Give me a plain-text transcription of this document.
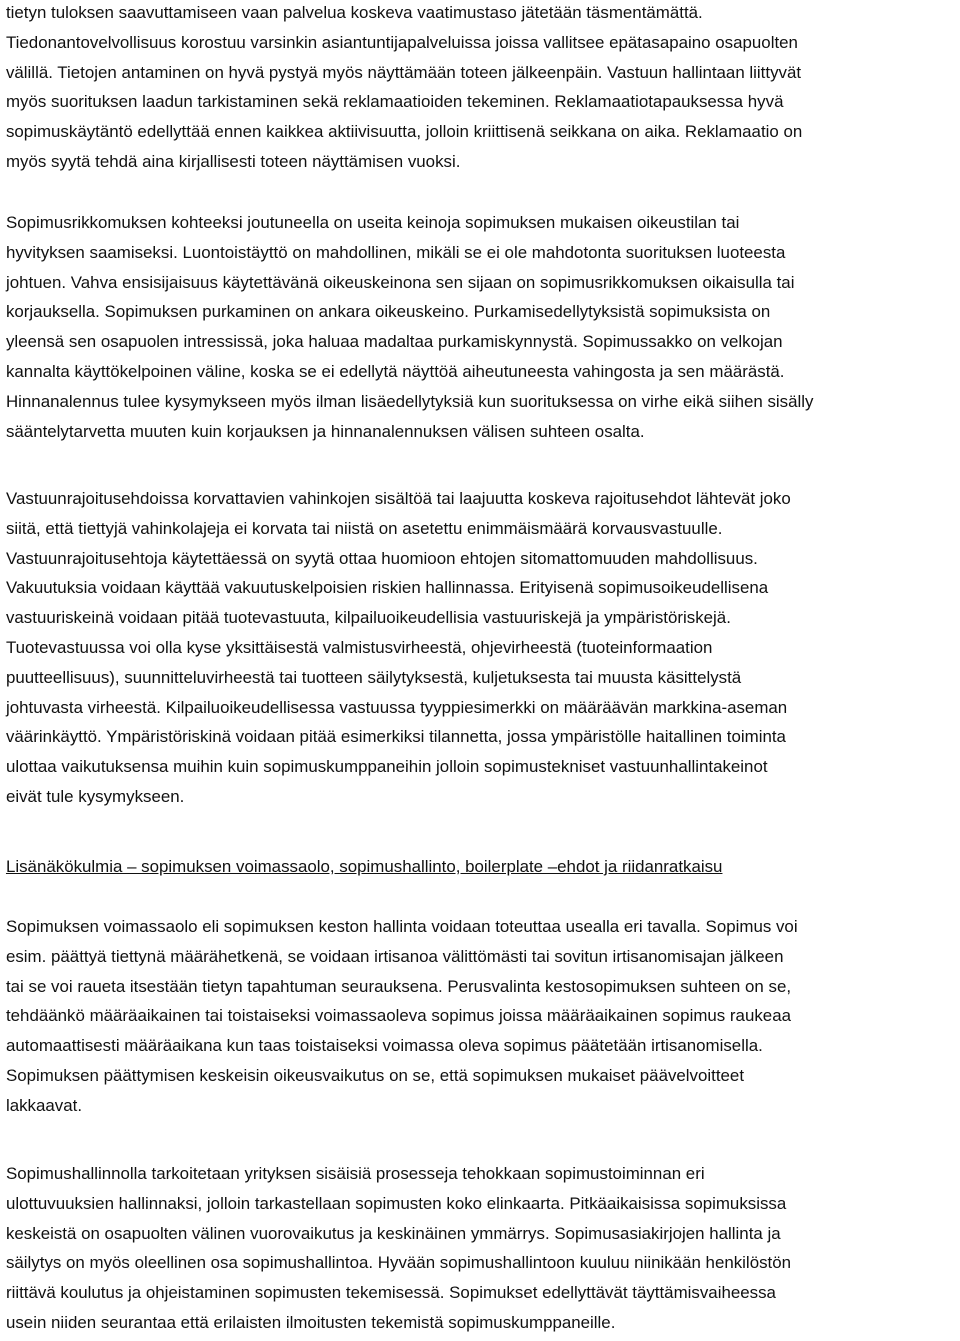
tietyn tuloksen saavuttamiseen vaan palvelua koskeva vaatimustaso jätetään täsmentämättä.
Tiedonantovelvollisuus korostuu varsinkin asiantuntijapalveluissa joissa vallitsee epätasapaino osapuolten
välillä. Tietojen antaminen on hyvä pystyä myös näyttämään toteen jälkeenpäin. Vastuun hallintaan liittyvät
myös suorituksen laadun tarkistaminen sekä reklamaatioiden tekeminen. Reklamaatiotapauksessa hyvä
sopimuskäytäntö edellyttää ennen kaikkea aktiivisuutta, jolloin kriittisenä seikkana on aika. Reklamaatio on
myös syytä tehdä aina kirjallisesti toteen näyttämisen vuoksi.
Sopimusrikkomuksen kohteeksi joutuneella on useita keinoja sopimuksen mukaisen oikeustilan tai
hyvityksen saamiseksi. Luontoistäyttö on mahdollinen, mikäli se ei ole mahdotonta suorituksen luoteesta
johtuen. Vahva ensisijaisuus käytettävänä oikeuskeinona sen sijaan on sopimusrikkomuksen oikaisulla tai
korjauksella. Sopimuksen purkaminen on ankara oikeuskeino. Purkamisedellytyksistä sopimuksista on
yleensä sen osapuolen intressissä, joka haluaa madaltaa purkamiskynnystä. Sopimussakko on velkojan
kannalta käyttökelpoinen väline, koska se ei edellytä näyttöä aiheutuneesta vahingosta ja sen määrästä.
Hinnanalennus tulee kysymykseen myös ilman lisäedellytyksiä kun suorituksessa on virhe eikä siihen sisälly
sääntelytarvetta muuten kuin korjauksen ja hinnanalennuksen välisen suhteen osalta.
Vastuunrajoitusehdoissa korvattavien vahinkojen sisältöä tai laajuutta koskeva rajoitusehdot lähtevät joko
siitä, että tiettyjä vahinkolajeja ei korvata tai niistä on asetettu enimmäismäärä korvausvastuulle.
Vastuunrajoitusehtoja käytettäessä on syytä ottaa huomioon ehtojen sitomattomuuden mahdollisuus.
Vakuutuksia voidaan käyttää vakuutuskelpoisien riskien hallinnassa. Erityisenä sopimusoikeudellisena
vastuuriskeinä voidaan pitää tuotevastuuta, kilpailuoikeudellisia vastuuriskejä ja ympäristöriskejä.
Tuotevastuussa voi olla kyse yksittäisestä valmistusvirheestä, ohjevirheestä (tuoteinformaation
puutteellisuus), suunnitteluvirheestä tai tuotteen säilytyksestä, kuljetuksesta tai muusta käsittelystä
johtuvasta virheestä. Kilpailuoikeudellisessa vastuussa tyyppiesimerkki on määräävän markkina-aseman
väärinkäyttö. Ympäristöriskinä voidaan pitää esimerkiksi tilannetta, jossa ympäristölle haitallinen toiminta
ulottaa vaikutuksensa muihin kuin sopimuskumppaneihin jolloin sopimustekniset vastuunhallintakeinot
eivät tule kysymykseen.
Lisänäkökulmia – sopimuksen voimassaolo, sopimushallinto, boilerplate –ehdot ja riidanratkaisu
Sopimuksen voimassaolo eli sopimuksen keston hallinta voidaan toteuttaa usealla eri tavalla. Sopimus voi
esim. päättyä tiettynä määrähetkenä, se voidaan irtisanoa välittömästi tai sovitun irtisanomisajan jälkeen
tai se voi raueta itsestään tietyn tapahtuman seurauksena. Perusvalinta kestosopimuksen suhteen on se,
tehdäänkö määräaikainen tai toistaiseksi voimassaoleva sopimus joissa määräaikainen sopimus raukeaa
automaattisesti määräaikana kun taas toistaiseksi voimassa oleva sopimus päätetään irtisanomisella.
Sopimuksen päättymisen keskeisin oikeusvaikutus on se, että sopimuksen mukaiset päävelvoitteet
lakkaavat.
Sopimushallinnolla tarkoitetaan yrityksen sisäisiä prosesseja tehokkaan sopimustoiminnan eri
ulottuvuuksien hallinnaksi, jolloin tarkastellaan sopimusten koko elinkaarta. Pitkäaikaisissa sopimuksissa
keskeistä on osapuolten välinen vuorovaikutus ja keskinäinen ymmärrys. Sopimusasiakirjojen hallinta ja
säilytys on myös oleellinen osa sopimushallintoa. Hyvään sopimushallintoon kuuluu niinikään henkilöstön
riittävä koulutus ja ohjeistaminen sopimusten tekemisessä. Sopimukset edellyttävät täyttämisvaiheessa
usein niiden seurantaa että erilaisten ilmoitusten tekemistä sopimuskumppaneille.
